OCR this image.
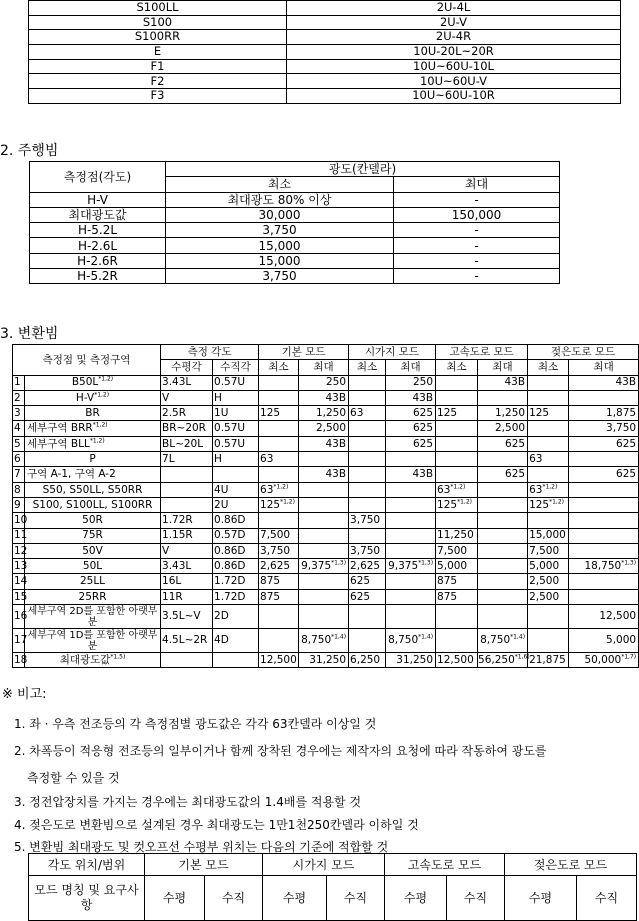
S100LL	2U-4L
S100	2U-V
S100RR	2U-4R
E	10U-20L~20R
F1	10U~60U-10L
F2	10U~60U-V
F3	10U~60U-10R
2. 주행빔
측정점(각도)	광도(칸델라)	
	최소	최대
H-V	최대광도 80% 이상	-
최대광도값	30,000	150,000
H-5.2L	3,750	-
H-2.6L	15,000	-
H-2.6R	15,000	-
H-5.2R	3,750	-
3. 변환빔
측정점 및 측정구역		측정 각도		기본 모드		시가지 모드		고속도로 모드		젖은도로 모드	
		수평각	수직각	최소	최대	최소	최대	최소	최대	최소	최대
1	$B50L^{*1,2)}$	3.43L	0.57U		250		250		43B		43B
2	$H-V^{*1,2)}$	V	H		43B		43B				
3	BR	2.5R	1U	125	1,250	63	625	125	1,250	125	1,875
4	세부구역 BRR$^{*1,2)}$	BR~20R	0.57U		2,500		625		2,500		3,750
5	세부구역 BLL$^{*1,2)}$	BL~20L	0.57U		43B		625		625		625
6	P	7L	H	63						63	
7	구역 A-1, 구역 A-2				43B		43B		625		625
8	S50, S50LL, S50RR		4U	63$^{*1,2)}$				63$^{*1,2)}$		63$^{*1,2)}$	
9	S100, S100LL, S100RR		2U	125$^{*1,2)}$				125$^{*1,2)}$		125$^{*1,2)}$	
10	50R	1.72R	0.86D			3,750					
11	75R	1.15R	0.57D	7,500				11,250		15,000	
12	50V	V	0.86D	3,750		3,750		7,500		7,500	
13	50L	3.43L	0.86D	2,625	9,375$^{*1,3)}$	2,625	9,375$^{*1,3)}$	5,000		5,000	18,750$^{*1,3)}$
14	25LL	16L	1.72D	875		625		875		2,500	
15	25RR	11R	1.72D	875		625		875		2,500	
16	세부구역 2D를 포함한 아랫부분	3.5L~V	2D								12,500
17	세부구역 1D를 포함한 아랫부분	4.5L~2R	4D		8,750$^{*1,4)}$		8,750$^{*1,4)}$		8,750$^{*1,4)}$		5,000
18	최대광도값$^{*1,5)}$			12,500	31,250	6,250	31,250	12,500	56,250$^{*1,6)}$	21,875	50,000$^{*1,7)}$
※ 비고:
1. 좌 · 우측 전조등의 각 측정점별 광도값은 각각 63칸델라 이상일 것
2. 차폭등이 적응형 전조등의 일부이거나 함께 장착된 경우에는 제작자의 요청에 따라 작동하여 광도를
측정할 수 있을 것
3. 정전압장치를 가지는 경우에는 최대광도값의 1.4배를 적용할 것
4. 젖은도로 변환빔으로 설계된 경우 최대광도는 1만1천250칸델라 이하일 것
5. 변환빔 최대광도 및 컷오프선 수평부 위치는 다음의 기준에 적합할 것
각도 위치/범위	기본 모드		시가지 모드		고속도로 모드		젖은도로 모드	
모드 명칭 및 요구사항	수평	수직	수평	수직	수평	수직	수평	수직
